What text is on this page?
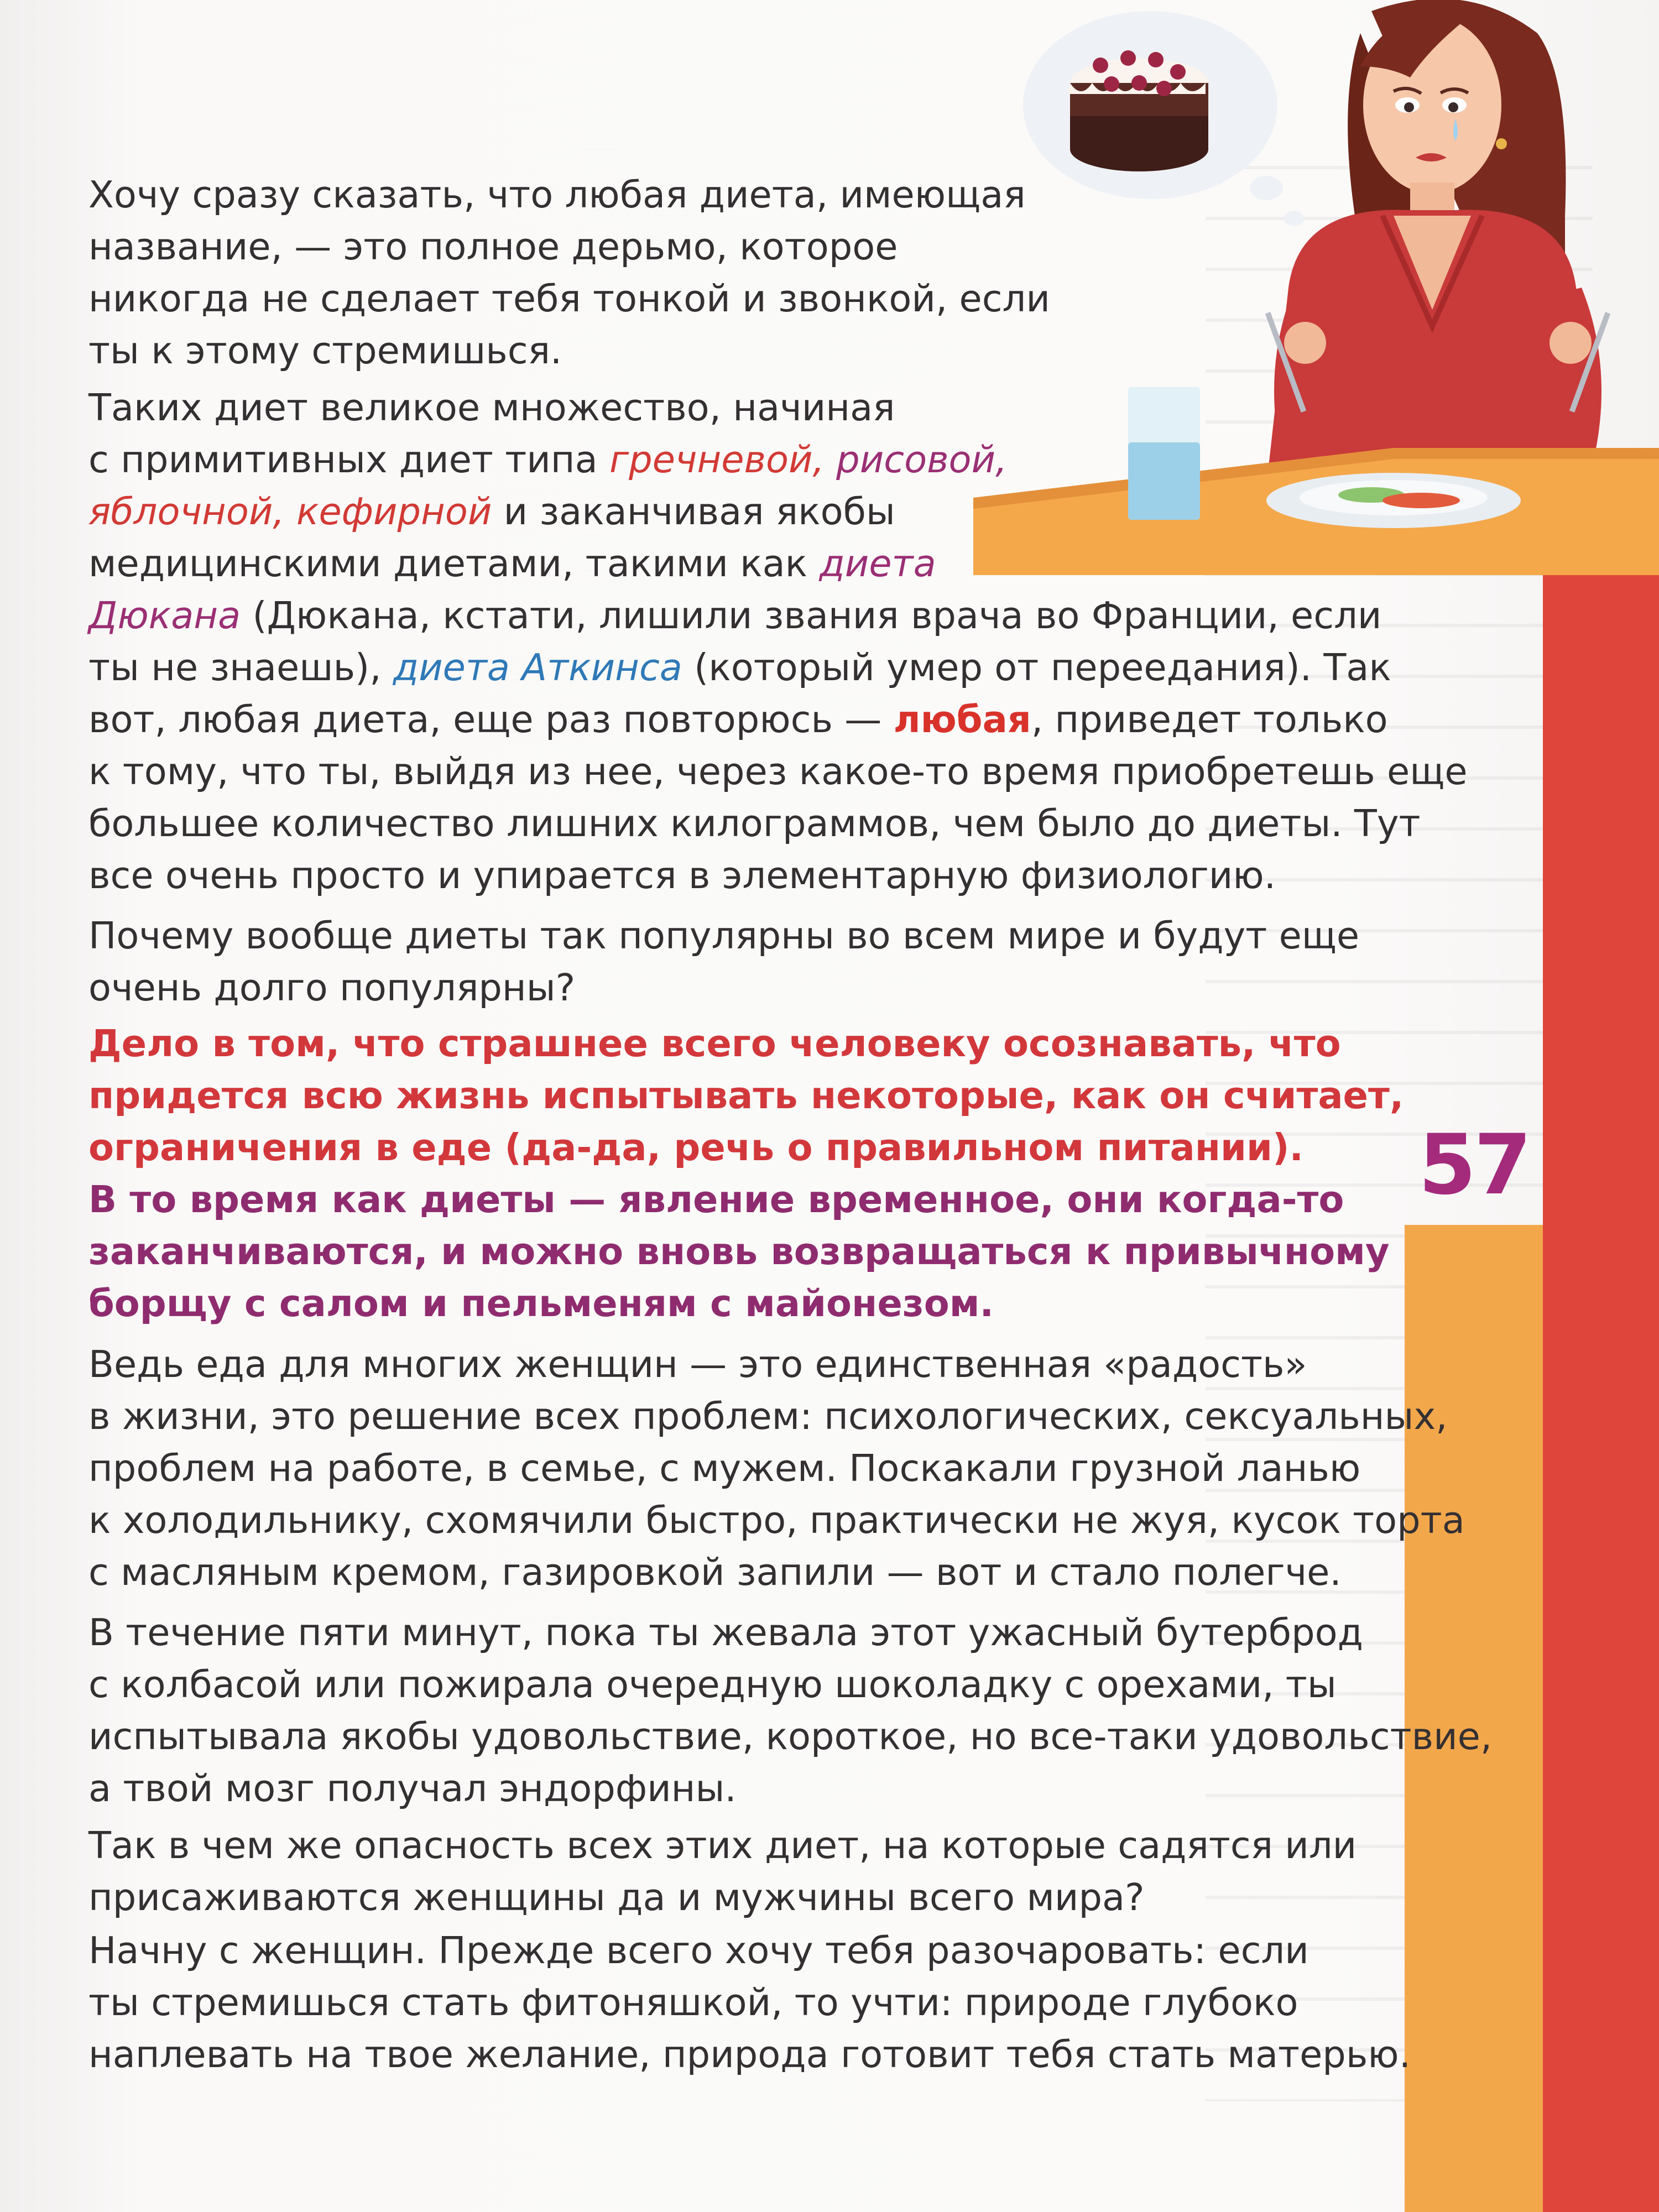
57

Хочу сразу сказать, что любая диета, имеющая
название, — это полное дерьмо, которое
никогда не сделает тебя тонкой и звонкой, если
ты к этому стремишься.

Таких диет великое множество, начиная
с примитивных диет типа гречневой, рисовой,
яблочной, кефирной и заканчивая якобы
медицинскими диетами, такими как диета
Дюкана (Дюкана, кстати, лишили звания врача во Франции, если
ты не знаешь), диета Аткинса (который умер от переедания). Так
вот, любая диета, еще раз повторюсь — любая, приведет только
к тому, что ты, выйдя из нее, через какое-то время приобретешь еще
большее количество лишних килограммов, чем было до диеты. Тут
все очень просто и упирается в элементарную физиологию.

Почему вообще диеты так популярны во всем мире и будут еще
очень долго популярны?

Дело в том, что страшнее всего человеку осознавать, что
придется всю жизнь испытывать некоторые, как он считает,
ограничения в еде (да-да, речь о правильном питании).
В то время как диеты — явление временное, они когда-то
заканчиваются, и можно вновь возвращаться к привычному
борщу с салом и пельменям с майонезом.

Ведь еда для многих женщин — это единственная «радость»
в жизни, это решение всех проблем: психологических, сексуальных,
проблем на работе, в семье, с мужем. Поскакали грузной ланью
к холодильнику, схомячили быстро, практически не жуя, кусок торта
с масляным кремом, газировкой запили — вот и стало полегче.

В течение пяти минут, пока ты жевала этот ужасный бутерброд
с колбасой или пожирала очередную шоколадку с орехами, ты
испытывала якобы удовольствие, короткое, но все-таки удовольствие,
а твой мозг получал эндорфины.

Так в чем же опасность всех этих диет, на которые садятся или
присаживаются женщины да и мужчины всего мира?

Начну с женщин. Прежде всего хочу тебя разочаровать: если
ты стремишься стать фитоняшкой, то учти: природе глубоко
наплевать на твое желание, природа готовит тебя стать матерью.
